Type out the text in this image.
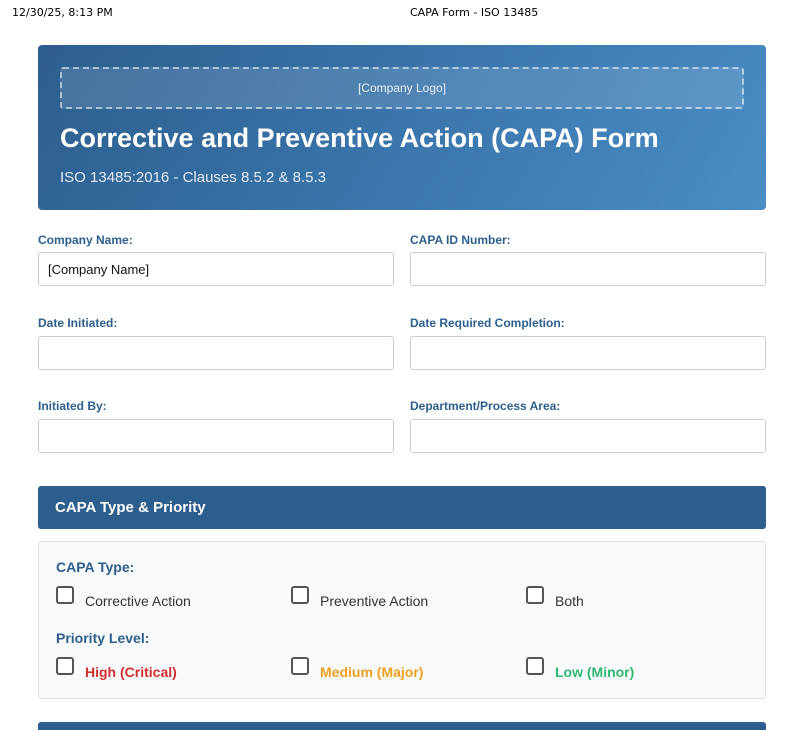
12/30/25, 8:13 PM	CAPA Form - ISO 13485
[Company Logo]
Corrective and Preventive Action (CAPA) Form

ISO 13485:2016 - Clauses 8.5.2 & 8.5.3

Company Name:
[Company Name]	CAPA ID Number:
Date Initiated:	Date Required Completion:
Initiated By:	Department/Process Area:
CAPA Type & Priority
CAPA Type:
Corrective Action	Preventive Action	Both
Priority Level:
High (Critical)	Medium (Major)	Low (Minor)
